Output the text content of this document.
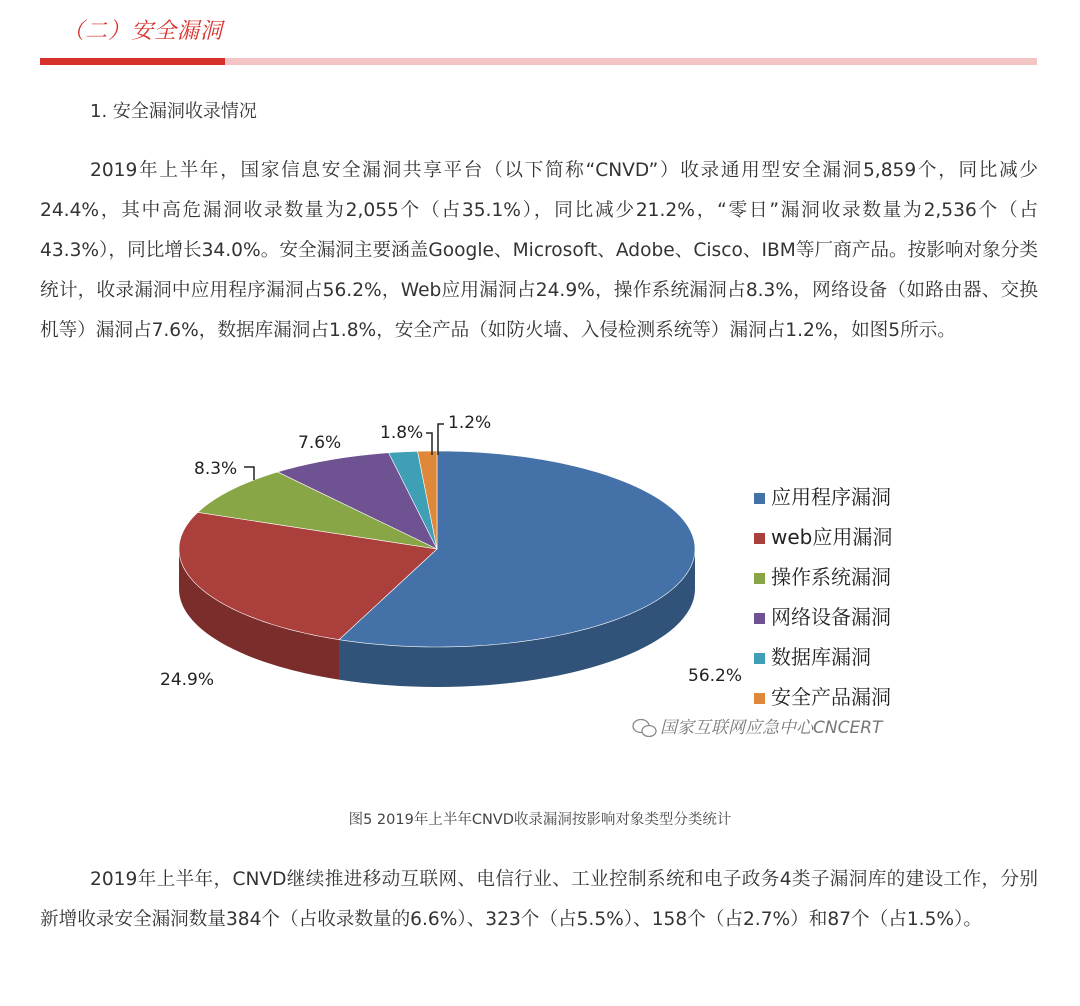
（二）安全漏洞
1. 安全漏洞收录情况

2019年上半年，国家信息安全漏洞共享平台（以下简称“CNVD”）收录通用型安全漏洞5,859个，同比减少24.4%，其中高危漏洞收录数量为2,055个（占35.1%），同比减少21.2%，“零日”漏洞收录数量为2,536个（占43.3%），同比增长34.0%。安全漏洞主要涵盖Google、Microsoft、Adobe、Cisco、IBM等厂商产品。按影响对象分类统计，收录漏洞中应用程序漏洞占56.2%，Web应用漏洞占24.9%，操作系统漏洞占8.3%，网络设备（如路由器、交换机等）漏洞占7.6%，数据库漏洞占1.8%，安全产品（如防火墙、入侵检测系统等）漏洞占1.2%，如图5所示。

56.2%
24.9%
8.3%
7.6% 1.8% 1.2%
应用程序漏洞
web应用漏洞
操作系统漏洞
网络设备漏洞
数据库漏洞
安全产品漏洞
国家互联网应急中心CNCERT
图5 2019年上半年CNVD收录漏洞按影响对象类型分类统计

2019年上半年，CNVD继续推进移动互联网、电信行业、工业控制系统和电子政务4类子漏洞库的建设工作，分别新增收录安全漏洞数量384个（占收录数量的6.6%）、323个（占5.5%）、158个（占2.7%）和87个（占1.5%）。
